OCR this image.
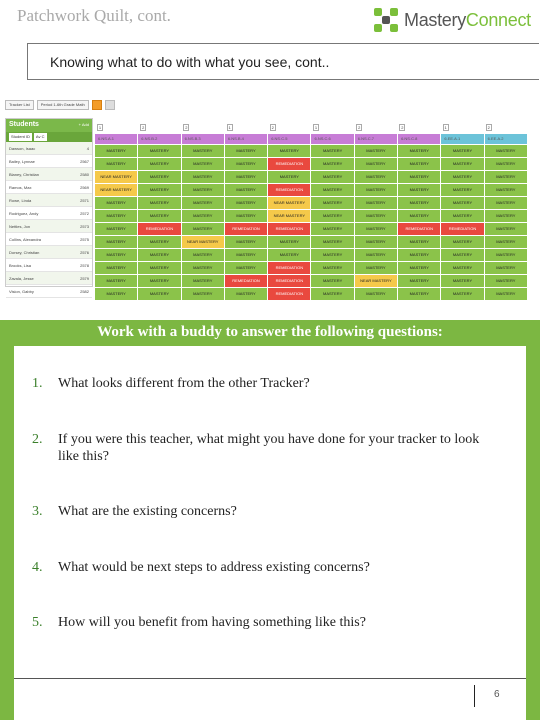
Patchwork Quilt, cont.	MasteryConnect
Knowing what to do with what you see, cont..
Tracker List	Period 1-6th Grade Math
Students	+ Add
Student ID	Av C
Dawson, Isaac	4
Bailey, Lynnae	2567
Blaney, Christian	2580
Ramos, Max	2569
Rowe, Linda	2571
Rodriguez, Andy	2572
Nettles, Jon	2573
Collins, Alexandra	2575
Dorsey, Christian	2576
Brooks, Lisa	2578
Zavala, Jesse	2579
Vision, Gabby	2582
1	2	2	1	2	1	2	2	1	2
6.NS.A.1	6.NS.B.2	6.NS.B.3	6.NS.B.4	6.NS.C.5	6.NS.C.6	6.NS.C.7	6.NS.C.8	6.EE.A.1	6.EE.A.2
MASTERY	MASTERY	MASTERY	MASTERY	MASTERY	MASTERY	MASTERY	MASTERY	MASTERY	MASTERY
MASTERY	MASTERY	MASTERY	MASTERY	REMEDIATION	MASTERY	MASTERY	MASTERY	MASTERY	MASTERY
NEAR MASTERY	MASTERY	MASTERY	MASTERY	MASTERY	MASTERY	MASTERY	MASTERY	MASTERY	MASTERY
NEAR MASTERY	MASTERY	MASTERY	MASTERY	REMEDIATION	MASTERY	MASTERY	MASTERY	MASTERY	MASTERY
MASTERY	MASTERY	MASTERY	MASTERY	NEAR MASTERY	MASTERY	MASTERY	MASTERY	MASTERY	MASTERY
MASTERY	MASTERY	MASTERY	MASTERY	NEAR MASTERY	MASTERY	MASTERY	MASTERY	MASTERY	MASTERY
MASTERY	REMEDIATION	MASTERY	REMEDIATION	REMEDIATION	MASTERY	MASTERY	REMEDIATION	REMEDIATION	MASTERY
MASTERY	MASTERY	NEAR MASTERY	MASTERY	MASTERY	MASTERY	MASTERY	MASTERY	MASTERY	MASTERY
MASTERY	MASTERY	MASTERY	MASTERY	MASTERY	MASTERY	MASTERY	MASTERY	MASTERY	MASTERY
MASTERY	MASTERY	MASTERY	MASTERY	REMEDIATION	MASTERY	MASTERY	MASTERY	MASTERY	MASTERY
MASTERY	MASTERY	MASTERY	REMEDIATION	REMEDIATION	MASTERY	NEAR MASTERY	MASTERY	MASTERY	MASTERY
MASTERY	MASTERY	MASTERY	MASTERY	REMEDIATION	MASTERY	MASTERY	MASTERY	MASTERY	MASTERY
Work with a buddy to answer the following questions:
1. What looks different from the other Tracker?
2. If you were this teacher, what might you have done for your tracker to look like this?
3. What are the existing concerns?
4. What would be next steps to address existing concerns?
5. How will you benefit from having something like this?
6
